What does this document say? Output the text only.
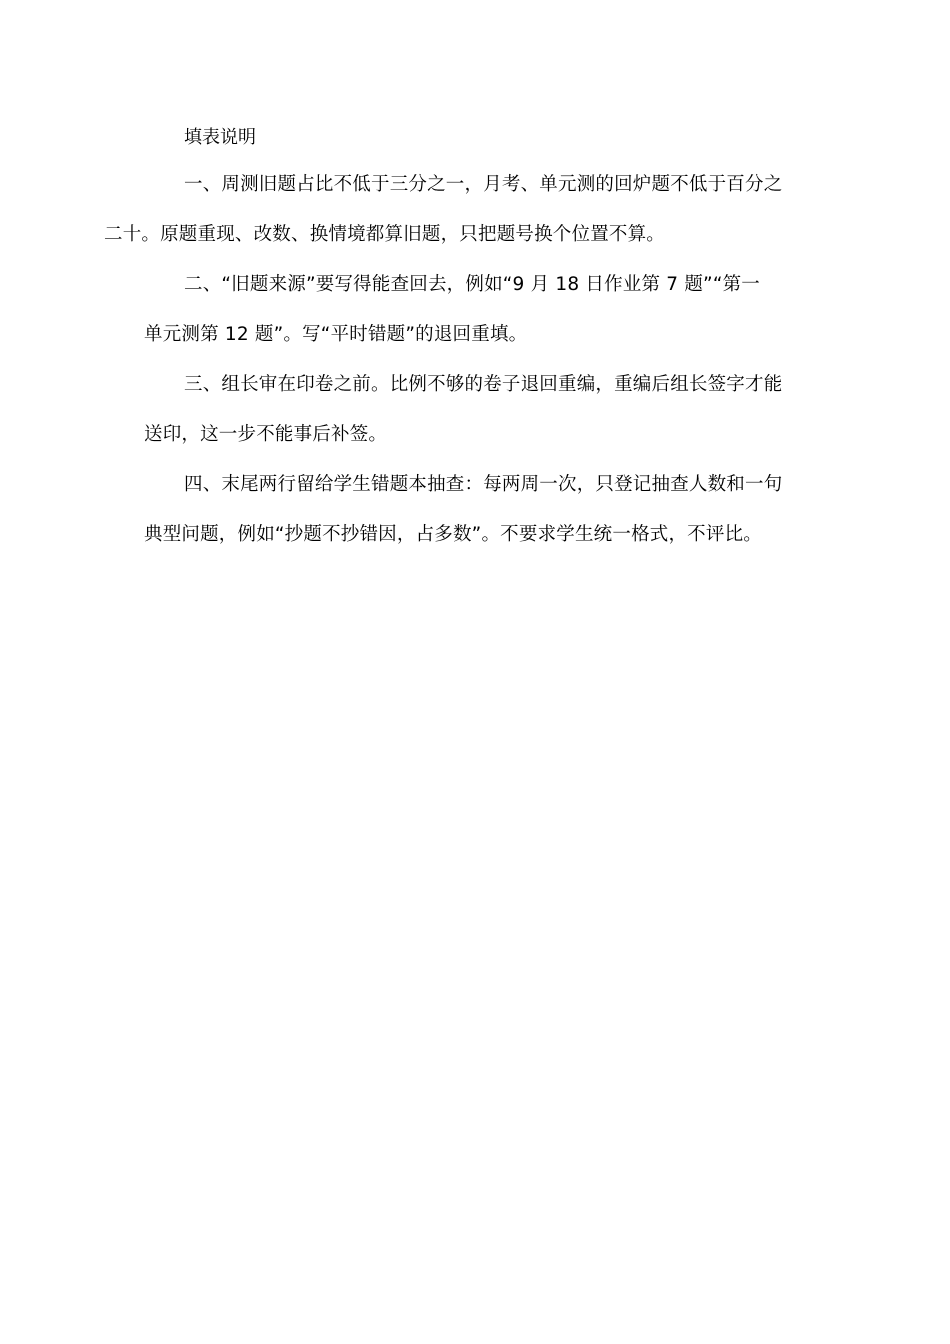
填表说明

一、周测旧题占比不低于三分之一，月考、单元测的回炉题不低于百分之
二十。原题重现、改数、换情境都算旧题，只把题号换个位置不算。

二、“旧题来源”要写得能查回去，例如“9 月 18 日作业第 7 题”“第一
单元测第 12 题”。写“平时错题”的退回重填。

三、组长审在印卷之前。比例不够的卷子退回重编，重编后组长签字才能
送印，这一步不能事后补签。

四、末尾两行留给学生错题本抽查：每两周一次，只登记抽查人数和一句
典型问题，例如“抄题不抄错因，占多数”。不要求学生统一格式，不评比。
